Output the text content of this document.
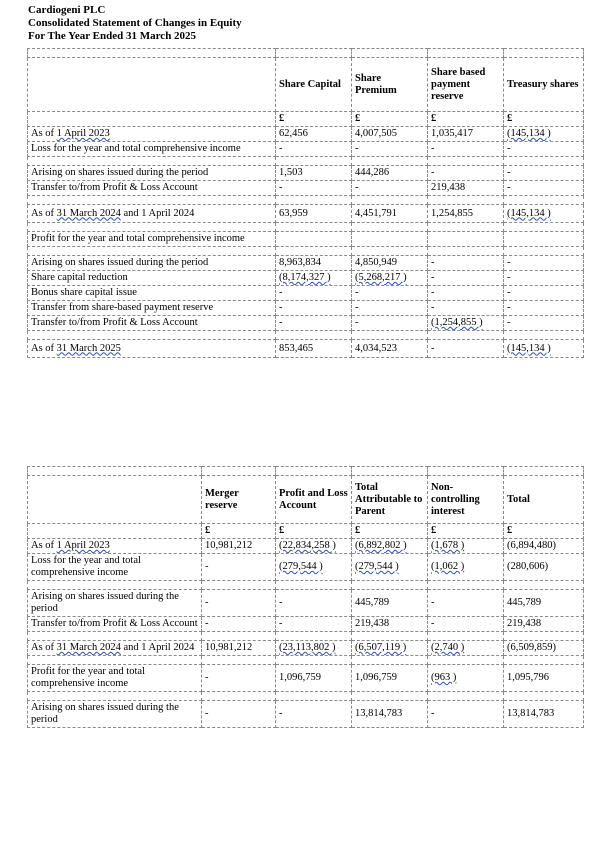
Cardiogeni PLC
Consolidated Statement of Changes in Equity
For The Year Ended 31 March 2025

	Share Capital	Share Premium	Share based payment reserve	Treasury shares
	£	£	£	£
As of 1 April 2023	62,456	4,007,505	1,035,417	(145,134 )
Loss for the year and total comprehensive income	-	-	-	-

Arising on shares issued during the period	1,503	444,286	-	-
Transfer to/from Profit & Loss Account	-	-	219,438	-

As of 31 March 2024 and 1 April 2024	63,959	4,451,791	1,254,855	(145,134 )

Profit for the year and total comprehensive income				

Arising on shares issued during the period	8,963,834	4,850,949	-	-
Share capital reduction	(8,174,327 )	(5,268,217 )	-	-
Bonus share capital issue	-	-	-	-
Transfer from share-based payment reserve	-	-	-	-
Transfer to/from Profit & Loss Account	-	-	(1,254,855 )	-

As of 31 March 2025	853,465	4,034,523	-	(145,134 )

	Merger reserve	Profit and Loss Account	Total Attributable to Parent	Non-controlling interest	Total
	£	£	£	£	£
As of 1 April 2023	10,981,212	(22,834,258 )	(6,892,802 )	(1,678 )	(6,894,480)
Loss for the year and total comprehensive income	-	(279,544 )	(279,544 )	(1,062 )	(280,606)

Arising on shares issued during the period	-	-	445,789	-	445,789
Transfer to/from Profit & Loss Account	-	-	219,438	-	219,438

As of 31 March 2024 and 1 April 2024	10,981,212	(23,113,802 )	(6,507,119 )	(2,740 )	(6,509,859)

Profit for the year and total comprehensive income	-	1,096,759	1,096,759	(963 )	1,095,796

Arising on shares issued during the period	-	-	13,814,783	-	13,814,783
